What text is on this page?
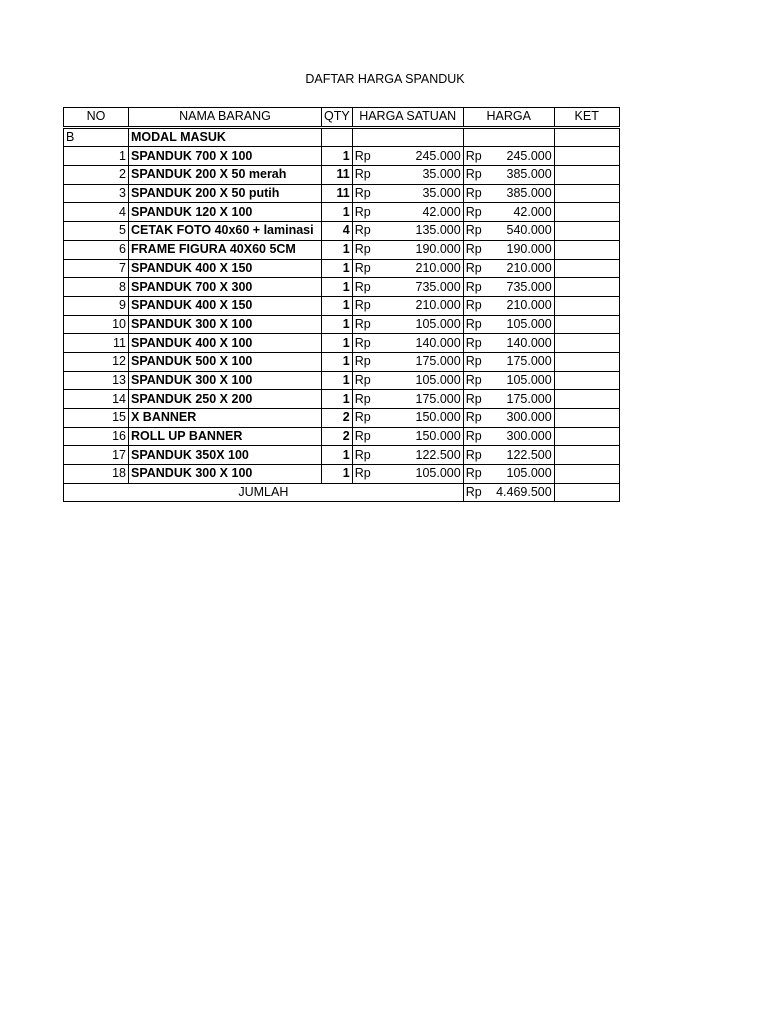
DAFTAR HARGA SPANDUK
NO	NAMA BARANG	QTY	HARGA SATUAN	HARGA	KET
B	MODAL MASUK				
1	SPANDUK 700 X 100	1	Rp 245.000	Rp 245.000	

2	SPANDUK 200 X 50 merah	11	Rp 35.000	Rp 385.000	

3	SPANDUK 200 X 50 putih	11	Rp 35.000	Rp 385.000	

4	SPANDUK 120 X 100	1	Rp 42.000	Rp 42.000	

5	CETAK FOTO 40x60 + laminasi	4	Rp 135.000	Rp 540.000	

6	FRAME FIGURA 40X60 5CM	1	Rp 190.000	Rp 190.000	

7	SPANDUK 400 X 150	1	Rp 210.000	Rp 210.000	

8	SPANDUK 700 X 300	1	Rp 735.000	Rp 735.000	

9	SPANDUK 400 X 150	1	Rp 210.000	Rp 210.000	

10	SPANDUK 300 X 100	1	Rp 105.000	Rp 105.000	

11	SPANDUK 400 X 100	1	Rp 140.000	Rp 140.000	

12	SPANDUK 500 X 100	1	Rp 175.000	Rp 175.000	

13	SPANDUK 300 X 100	1	Rp 105.000	Rp 105.000	

14	SPANDUK 250 X 200	1	Rp 175.000	Rp 175.000	

15	X BANNER	2	Rp 150.000	Rp 300.000	

16	ROLL UP BANNER	2	Rp 150.000	Rp 300.000	

17	SPANDUK 350X 100	1	Rp 122.500	Rp 122.500	

18	SPANDUK 300 X 100	1	Rp 105.000	Rp 105.000	

JUMLAH				Rp 4.469.500	
